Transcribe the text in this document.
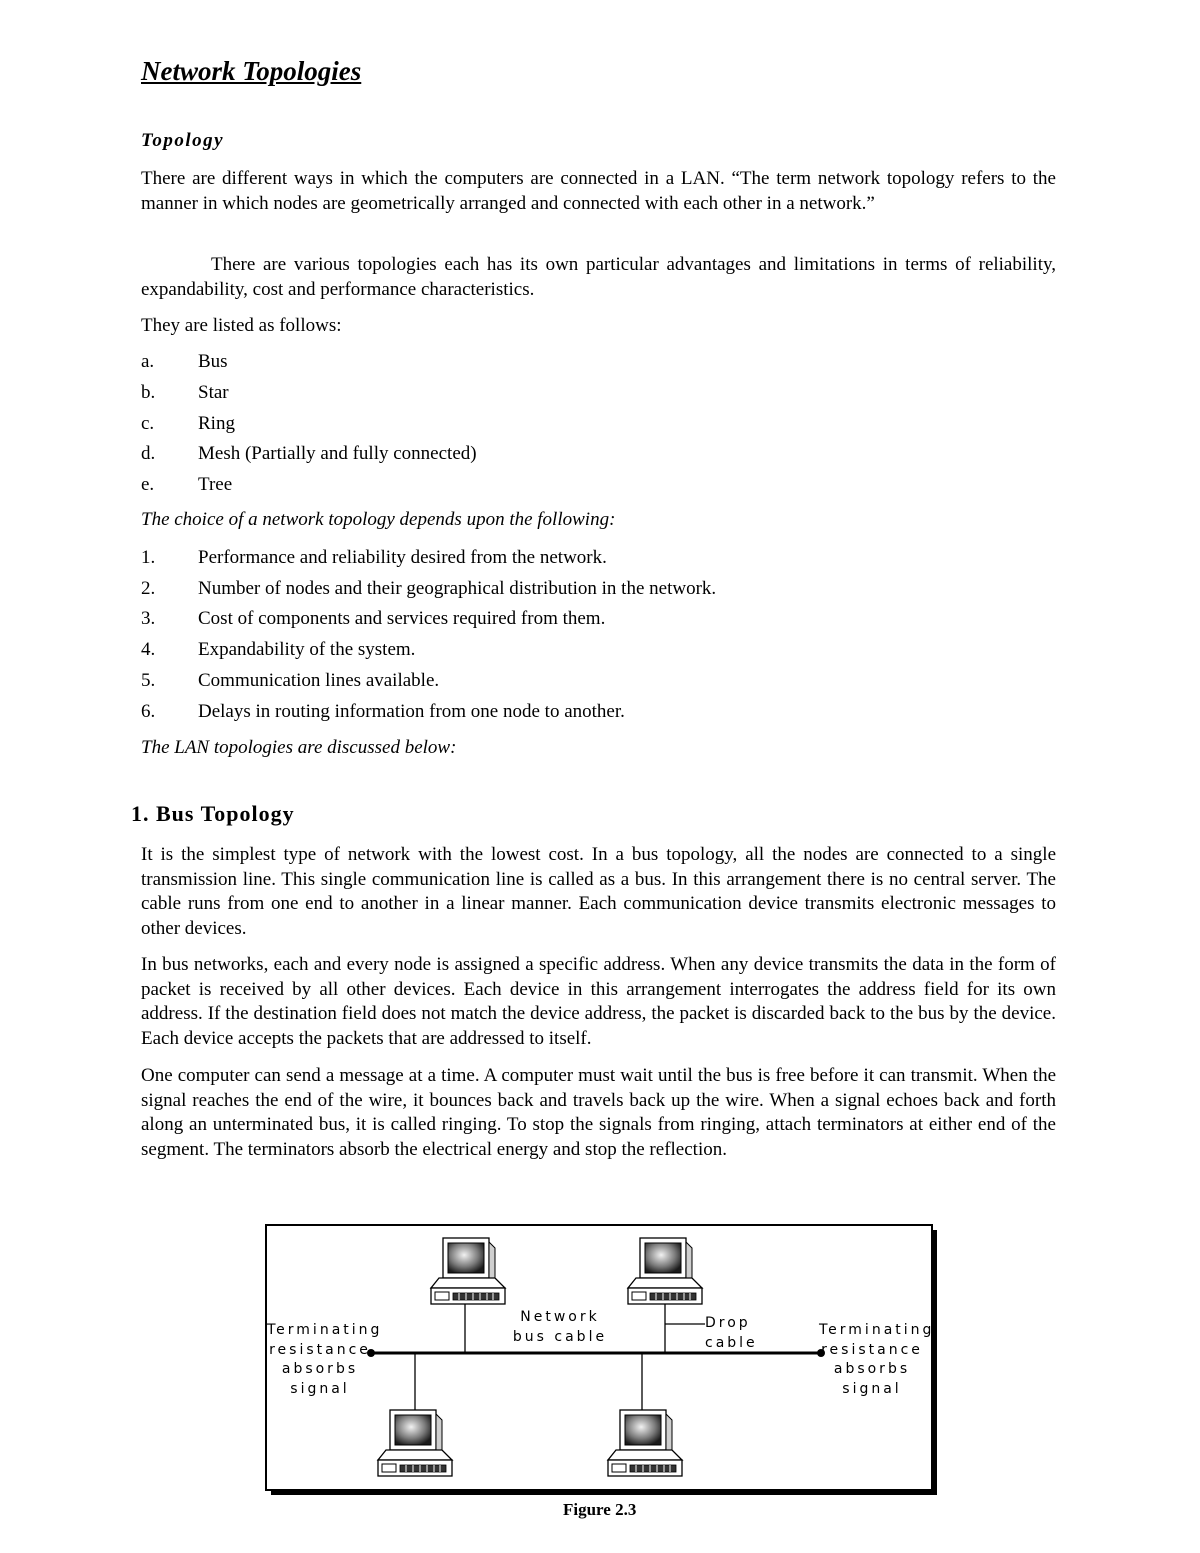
Network Topologies
Topology

There are different ways in which the computers are connected in a LAN. “The term network topology refers to the manner in which nodes are geometrically arranged and connected with each other in a network.”

There are various topologies each has its own particular advantages and limitations in terms of reliability, expandability, cost and performance characteristics.

They are listed as follows:

a.	Bus
b.	Star
c.	Ring
d.	Mesh (Partially and fully connected)
e.	Tree

The choice of a network topology depends upon the following:

1.	Performance and reliability desired from the network.
2.	Number of nodes and their geographical distribution in the network.
3.	Cost of components and services required from them.
4.	Expandability of the system.
5.	Communication lines available.
6.	Delays in routing information from one node to another.

The LAN topologies are discussed below:

1. Bus Topology

It is the simplest type of network with the lowest cost. In a bus topology, all the nodes are connected to a single transmission line. This single communication line is called as a bus. In this arrangement there is no central server. The cable runs from one end to another in a linear manner. Each communication device transmits electronic messages to other devices.

In bus networks, each and every node is assigned a specific address. When any device transmits the data in the form of packet is received by all other devices. Each device in this arrangement interrogates the address field for its own address. If the destination field does not match the device address, the packet is discarded back to the bus by the device. Each device accepts the packets that are addressed to itself.

One computer can send a message at a time. A computer must wait until the bus is free before it can transmit. When the signal reaches the end of the wire, it bounces back and travels back up the wire. When a signal echoes back and forth along an unterminated bus, it is called ringing. To stop the signals from ringing, attach terminators at either end of the segment. The terminators absorb the electrical energy and stop the reflection.

Terminating
resistance
absorbs
signal
Terminating
resistance
absorbs
signal
Network
bus cable
Drop cable
Figure 2.3
